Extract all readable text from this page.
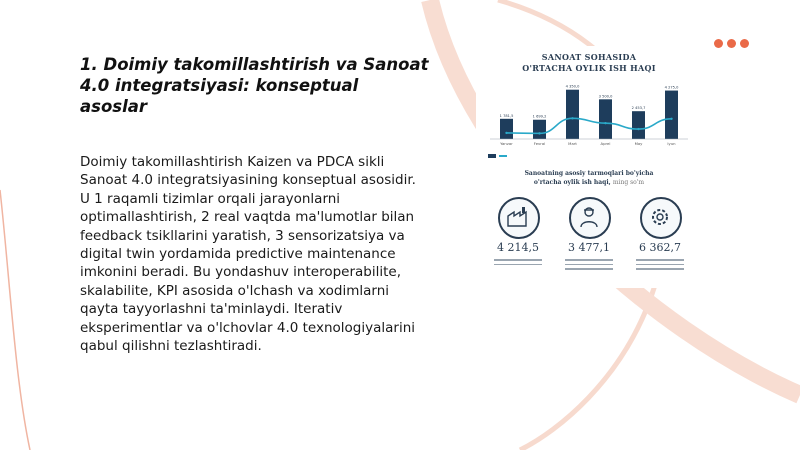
1. Doimiy takomillashtirish va Sanoat 4.0 integratsiyasi: konseptual asoslar

Doimiy takomillashtirish Kaizen va PDCA sikli Sanoat 4.0 integratsiyasining konseptual asosidir. U 1 raqamli tizimlar orqali jarayonlarni optimallashtirish, 2 real vaqtda ma'lumotlar bilan feedback tsikllarini yaratish, 3 sensorizatsiya va digital twin yordamida predictive maintenance imkonini beradi. Bu yondashuv interoperabilite, skalabilite, KPI asosida o'lchash va xodimlarni qayta tayyorlashni ta'minlaydi. Iterativ eksperimentlar va o'lchovlar 4.0 texnologiyalarini qabul qilishni tezlashtiradi.

SANOAT SOHASIDA
O'RTACHA OYLIK ISH HAQI
1 781,5
Yanvar
1 699,2
Fevral
4 350,0
Mart
3 500,0
Aprel
2 453,7
May
4 275,0
Iyun
Sanoatning asosiy tarmoqlari bo'yicha
o'rtacha oylik ish haqi, ming so'm
4 214,5	3 477,1	6 362,7
